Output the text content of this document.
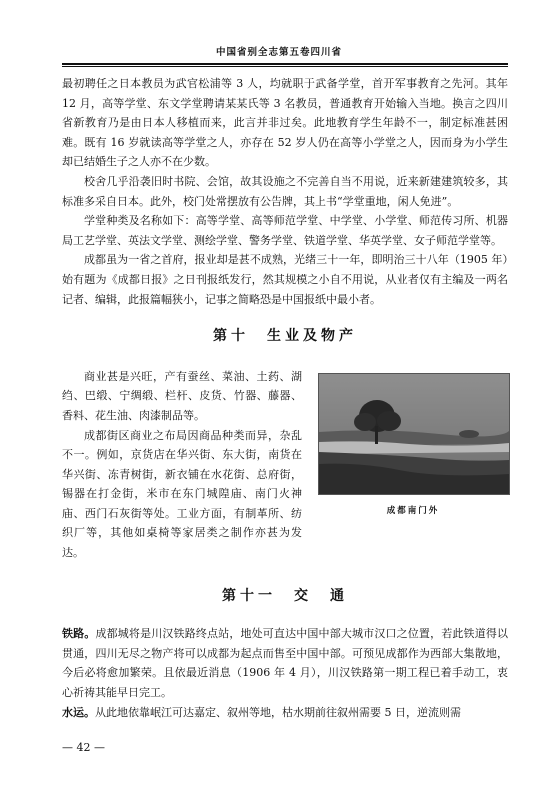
中国省别全志第五卷四川省

最初聘任之日本教员为武官松浦等 3 人，均就职于武备学堂，首开军事教育之先河。其年 12 月，高等学堂、东文学堂聘请某某氏等 3 名教员，普通教育开始输入当地。换言之四川省新教育乃是由日本人移植而来，此言并非过矣。此地教育学生年龄不一，制定标准甚困难。既有 16 岁就读高等学堂之人，亦存在 52 岁人仍在高等小学堂之人，因而身为小学生却已结婚生子之人亦不在少数。

校舍几乎沿袭旧时书院、会馆，故其设施之不完善自当不用说，近来新建建筑较多，其标准多采自日本。此外，校门处常摆放有公告牌，其上书“学堂重地，闲人免进”。

学堂种类及名称如下：高等学堂、高等师范学堂、中学堂、小学堂、师范传习所、机器局工艺学堂、英法文学堂、测绘学堂、警务学堂、铁道学堂、华英学堂、女子师范学堂等。

成都虽为一省之首府，报业却是甚不成熟，光绪三十一年，即明治三十八年（1905 年）始有题为《成都日报》之日刊报纸发行，然其规模之小自不用说，从业者仅有主编及一两名记者、编辑，此报篇幅狭小，记事之简略恐是中国报纸中最小者。

第十　生业及物产

商业甚是兴旺，产有蚕丝、菜油、土药、湖绉、巴缎、宁绸缎、栏杆、皮货、竹器、藤器、香料、花生油、肉漆制品等。

成都街区商业之布局因商品种类而异，杂乱不一。例如，京货店在华兴街、东大街，南货在华兴街、冻青树街，新衣铺在水花街、总府街，锡器在打金街，米市在东门城隍庙、南门火神庙、西门石灰街等处。工业方面，有制革所、纺织厂等，其他如桌椅等家居类之制作亦甚为发达。

成都南门外
第十一　交　通

铁路。成都城将是川汉铁路终点站，地处可直达中国中部大城市汉口之位置，若此铁道得以贯通，四川无尽之物产将可以成都为起点而售至中国中部。可预见成都作为西部大集散地，今后必将愈加繁荣。且依最近消息（1906 年 4 月），川汉铁路第一期工程已着手动工，衷心祈祷其能早日完工。

水运。从此地依靠岷江可达嘉定、叙州等地，枯水期前往叙州需要 5 日，逆流则需

— 42 —
